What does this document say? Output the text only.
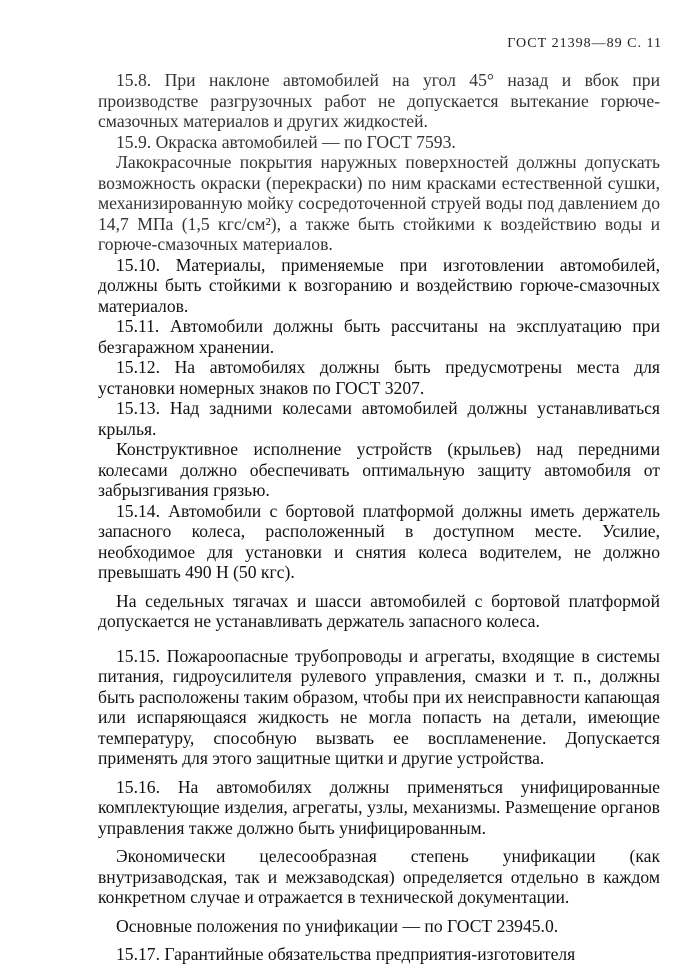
ГОСТ 21398—89 С. 11

15.8. При наклоне автомобилей на угол 45° назад и вбок при производстве разгрузочных работ не допускается вытекание горюче-смазочных материалов и других жидкостей.

15.9. Окраска автомобилей — по ГОСТ 7593.

Лакокрасочные покрытия наружных поверхностей должны допускать возможность окраски (перекраски) по ним красками естественной сушки, механизированную мойку сосредоточенной струей воды под давлением до 14,7 МПа (1,5 кгс/см²), а также быть стойкими к воздействию воды и горюче-смазочных материалов.

15.10. Материалы, применяемые при изготовлении автомобилей, должны быть стойкими к возгоранию и воздействию горюче-смазочных материалов.

15.11. Автомобили должны быть рассчитаны на эксплуатацию при безгаражном хранении.

15.12. На автомобилях должны быть предусмотрены места для установки номерных знаков по ГОСТ 3207.

15.13. Над задними колесами автомобилей должны устанавливаться крылья.

Конструктивное исполнение устройств (крыльев) над передними колесами должно обеспечивать оптимальную защиту автомобиля от забрызгивания грязью.

15.14. Автомобили с бортовой платформой должны иметь держатель запасного колеса, расположенный в доступном месте. Усилие, необходимое для установки и снятия колеса водителем, не должно превышать 490 Н (50 кгс).

На седельных тягачах и шасси автомобилей с бортовой платформой допускается не устанавливать держатель запасного колеса.

15.15. Пожароопасные трубопроводы и агрегаты, входящие в системы питания, гидроусилителя рулевого управления, смазки и т. п., должны быть расположены таким образом, чтобы при их неисправности капающая или испаряющаяся жидкость не могла попасть на детали, имеющие температуру, способную вызвать ее воспламенение. Допускается применять для этого защитные щитки и другие устройства.

15.16. На автомобилях должны применяться унифицированные комплектующие изделия, агрегаты, узлы, механизмы. Размещение органов управления также должно быть унифицированным.

Экономически целесообразная степень унификации (как внутризаводская, так и межзаводская) определяется отдельно в каждом конкретном случае и отражается в технической документации.

Основные положения по унификации — по ГОСТ 23945.0.

15.17. Гарантийные обязательства предприятия-изготовителя
